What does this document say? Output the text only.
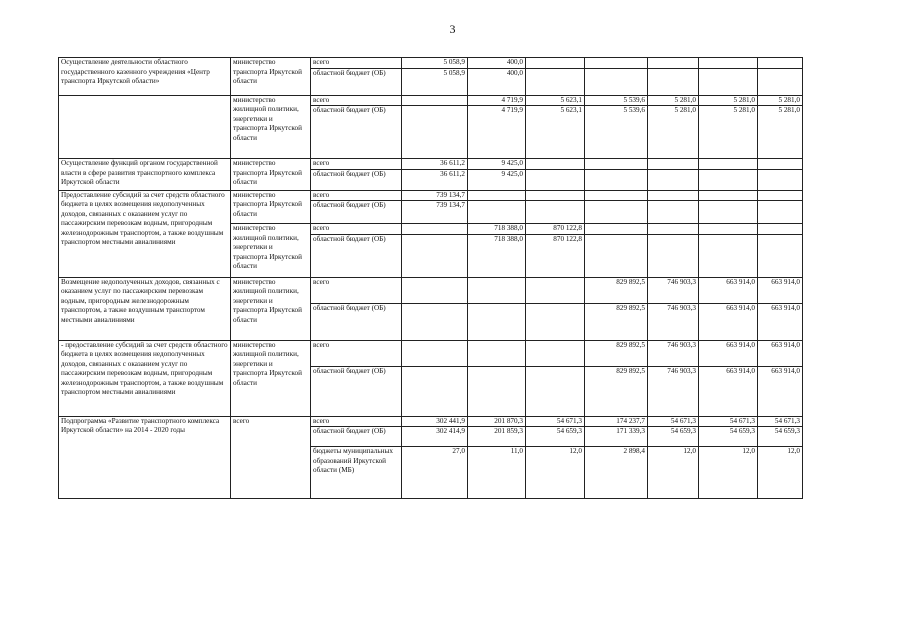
3
Осуществление деятельности областного государственного казенного учреждения «Центр транспорта Иркутской области»	министерство транспорта Иркутской области	всего	5 058,9	400,0					
		областной бюджет (ОБ)	5 058,9	400,0					
	министерство жилищной политики, энергетики и транспорта Иркутской области	всего		4 719,9	5 623,1	5 539,6	5 281,0	5 281,0	5 281,0
		областной бюджет (ОБ)		4 719,9	5 623,1	5 539,6	5 281,0	5 281,0	5 281,0
Осуществление функций органом государственной власти в сфере развития транспортного комплекса Иркутской области	министерство транспорта Иркутской области	всего	36 611,2	9 425,0					
		областной бюджет (ОБ)	36 611,2	9 425,0					
Предоставление субсидий за счет средств областного бюджета в целях возмещения недополученных доходов, связанных с оказанием услуг по пассажирским перевозкам водным, пригородным железнодорожным транспортом, а также воздушным транспортом местными авиалиниями	министерство транспорта Иркутской области	всего	739 134,7						
		областной бюджет (ОБ)	739 134,7						
	министерство жилищной политики, энергетики и транспорта Иркутской области	всего		718 388,0	870 122,8				
		областной бюджет (ОБ)		718 388,0	870 122,8				
Возмещение недополученных доходов, связанных с оказанием услуг по пассажирским перевозкам водным, пригородным железнодорожным транспортом, а также воздушным транспортом местными авиалиниями	министерство жилищной политики, энергетики и транспорта Иркутской области	всего				829 892,5	746 903,3	663 914,0	663 914,0
		областной бюджет (ОБ)				829 892,5	746 903,3	663 914,0	663 914,0
- предоставление субсидий за счет средств областного бюджета в целях возмещения недополученных доходов, связанных с оказанием услуг по пассажирским перевозкам водным, пригородным железнодорожным транспортом, а также воздушным транспортом местными авиалиниями	министерство жилищной политики, энергетики и транспорта Иркутской области	всего				829 892,5	746 903,3	663 914,0	663 914,0
		областной бюджет (ОБ)				829 892,5	746 903,3	663 914,0	663 914,0
Подпрограмма «Развитие транспортного комплекса Иркутской области» на 2014 - 2020 годы	всего	всего	302 441,9	201 870,3	54 671,3	174 237,7	54 671,3	54 671,3	54 671,3
		областной бюджет (ОБ)	302 414,9	201 859,3	54 659,3	171 339,3	54 659,3	54 659,3	54 659,3
		бюджеты муниципальных образований Иркутской области (МБ)	27,0	11,0	12,0	2 898,4	12,0	12,0	12,0
